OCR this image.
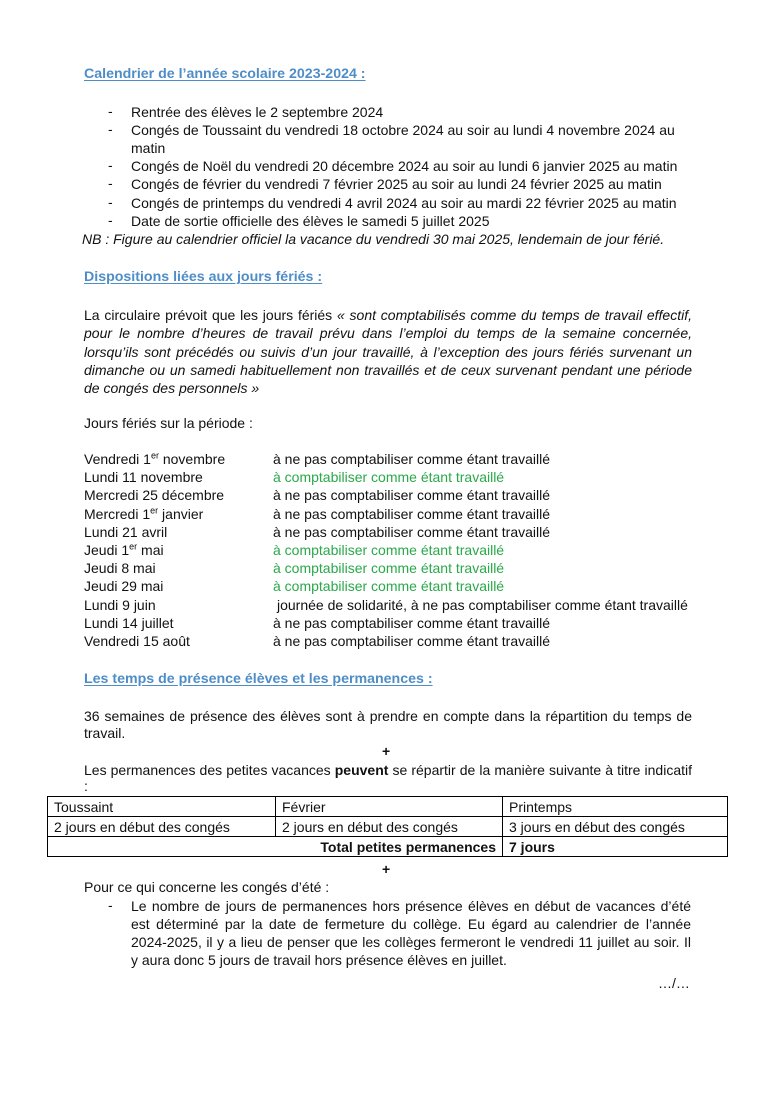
Calendrier de l’année scolaire 2023-2024 :
- Rentrée des élèves le 2 septembre 2024
- Congés de Toussaint du vendredi 18 octobre 2024 au soir au lundi 4 novembre 2024 au matin
- Congés de Noël du vendredi 20 décembre 2024 au soir au lundi 6 janvier 2025 au matin
- Congés de février du vendredi 7 février 2025 au soir au lundi 24 février 2025 au matin
- Congés de printemps du vendredi 4 avril 2024 au soir au mardi 22 février 2025 au matin
- Date de sortie officielle des élèves le samedi 5 juillet 2025
NB : Figure au calendrier officiel la vacance du vendredi 30 mai 2025, lendemain de jour férié.
Dispositions liées aux jours fériés :
La circulaire prévoit que les jours fériés « sont comptabilisés comme du temps de travail effectif, pour le nombre d’heures de travail prévu dans l’emploi du temps de la semaine concernée, lorsqu’ils sont précédés ou suivis d’un jour travaillé, à l’exception des jours fériés survenant un dimanche ou un samedi habituellement non travaillés et de ceux survenant pendant une période de congés des personnels »
Jours fériés sur la période :
Vendredi 1er novembre	à ne pas comptabiliser comme étant travaillé
Lundi 11 novembre	à comptabiliser comme étant travaillé
Mercredi 25 décembre	à ne pas comptabiliser comme étant travaillé
Mercredi 1er janvier	à ne pas comptabiliser comme étant travaillé
Lundi 21 avril	à ne pas comptabiliser comme étant travaillé
Jeudi 1er mai	à comptabiliser comme étant travaillé
Jeudi 8 mai	à comptabiliser comme étant travaillé
Jeudi 29 mai	à comptabiliser comme étant travaillé
Lundi 9 juin	journée de solidarité, à ne pas comptabiliser comme étant travaillé
Lundi 14 juillet	à ne pas comptabiliser comme étant travaillé
Vendredi 15 août	à ne pas comptabiliser comme étant travaillé
Les temps de présence élèves et les permanences :
36 semaines de présence des élèves sont à prendre en compte dans la répartition du temps de travail.
+
Les permanences des petites vacances peuvent se répartir de la manière suivante à titre indicatif :
Toussaint	Février	Printemps
2 jours en début des congés	2 jours en début des congés	3 jours en début des congés
Total petites permanences		7 jours
+
Pour ce qui concerne les congés d’été :
- Le nombre de jours de permanences hors présence élèves en début de vacances d’été est déterminé par la date de fermeture du collège. Eu égard au calendrier de l’année 2024-2025, il y a lieu de penser que les collèges fermeront le vendredi 11 juillet au soir. Il y aura donc 5 jours de travail hors présence élèves en juillet.
…/…
